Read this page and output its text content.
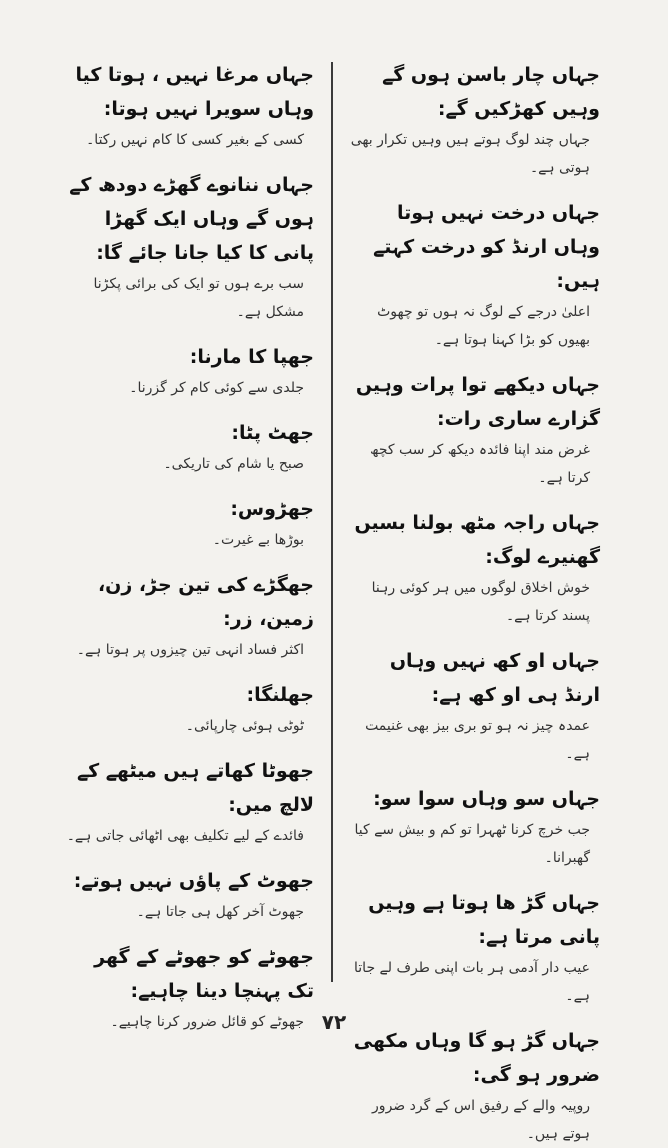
جہاں چار باسن ہوں گے وہیں کھڑکیں گے:
جہاں چند لوگ ہوتے ہیں وہیں تکرار بھی ہوتی ہے۔
جہاں درخت نہیں ہوتا وہاں ارنڈ کو درخت کہتے ہیں:
اعلیٰ درجے کے لوگ نہ ہوں تو چھوٹ بھیوں کو بڑا کہنا ہوتا ہے۔
جہاں دیکھے توا پرات وہیں گزارے ساری رات:
غرض مند اپنا فائدہ دیکھ کر سب کچھ کرتا ہے۔
جہاں راجہ مٹھ بولنا بسیں گھنیرے لوگ:
خوش اخلاق لوگوں میں ہر کوئی رہنا پسند کرتا ہے۔
جہاں او کھ نہیں وہاں ارنڈ ہی او کھ ہے:
عمدہ چیز نہ ہو تو بری بیز بھی غنیمت ہے۔
جہاں سو وہاں سوا سو:
جب خرچ کرنا ٹھہرا تو کم و بیش سے کیا گھبرانا۔
جہاں گڑ ھا ہوتا ہے وہیں پانی مرتا ہے:
عیب دار آدمی ہر بات اپنی طرف لے جاتا ہے۔
جہاں گڑ ہو گا وہاں مکھی ضرور ہو گی:
روپیہ والے کے رفیق اس کے گرد ضرور ہوتے ہیں۔
جہاں مرغا نہیں ، ہوتا کیا وہاں سویرا نہیں ہوتا:
کسی کے بغیر کسی کا کام نہیں رکتا۔
جہاں ننانوے گھڑے دودھ کے ہوں گے وہاں ایک گھڑا پانی کا کیا جانا جائے گا:
سب برے ہوں تو ایک کی برائی پکڑنا مشکل ہے۔
جھپا کا مارنا:
جلدی سے کوئی کام کر گزرنا۔
جھٹ پٹا:
صبح یا شام کی تاریکی۔
جھڑوس:
بوڑھا بے غیرت۔
جھگڑے کی تین جڑ، زن، زمین، زر:
اکثر فساد انہی تین چیزوں پر ہوتا ہے۔
جھلنگا:
ٹوٹی ہوئی چارپائی۔
جھوٹا کھاتے ہیں میٹھے کے لالچ میں:
فائدے کے لیے تکلیف بھی اٹھائی جاتی ہے۔
جھوٹ کے پاؤں نہیں ہوتے:
جھوٹ آخر کھل ہی جاتا ہے۔
جھوٹے کو جھوٹے کے گھر تک پہنچا دینا چاہیے:
جھوٹے کو قائل ضرور کرنا چاہیے۔ ۷۲
